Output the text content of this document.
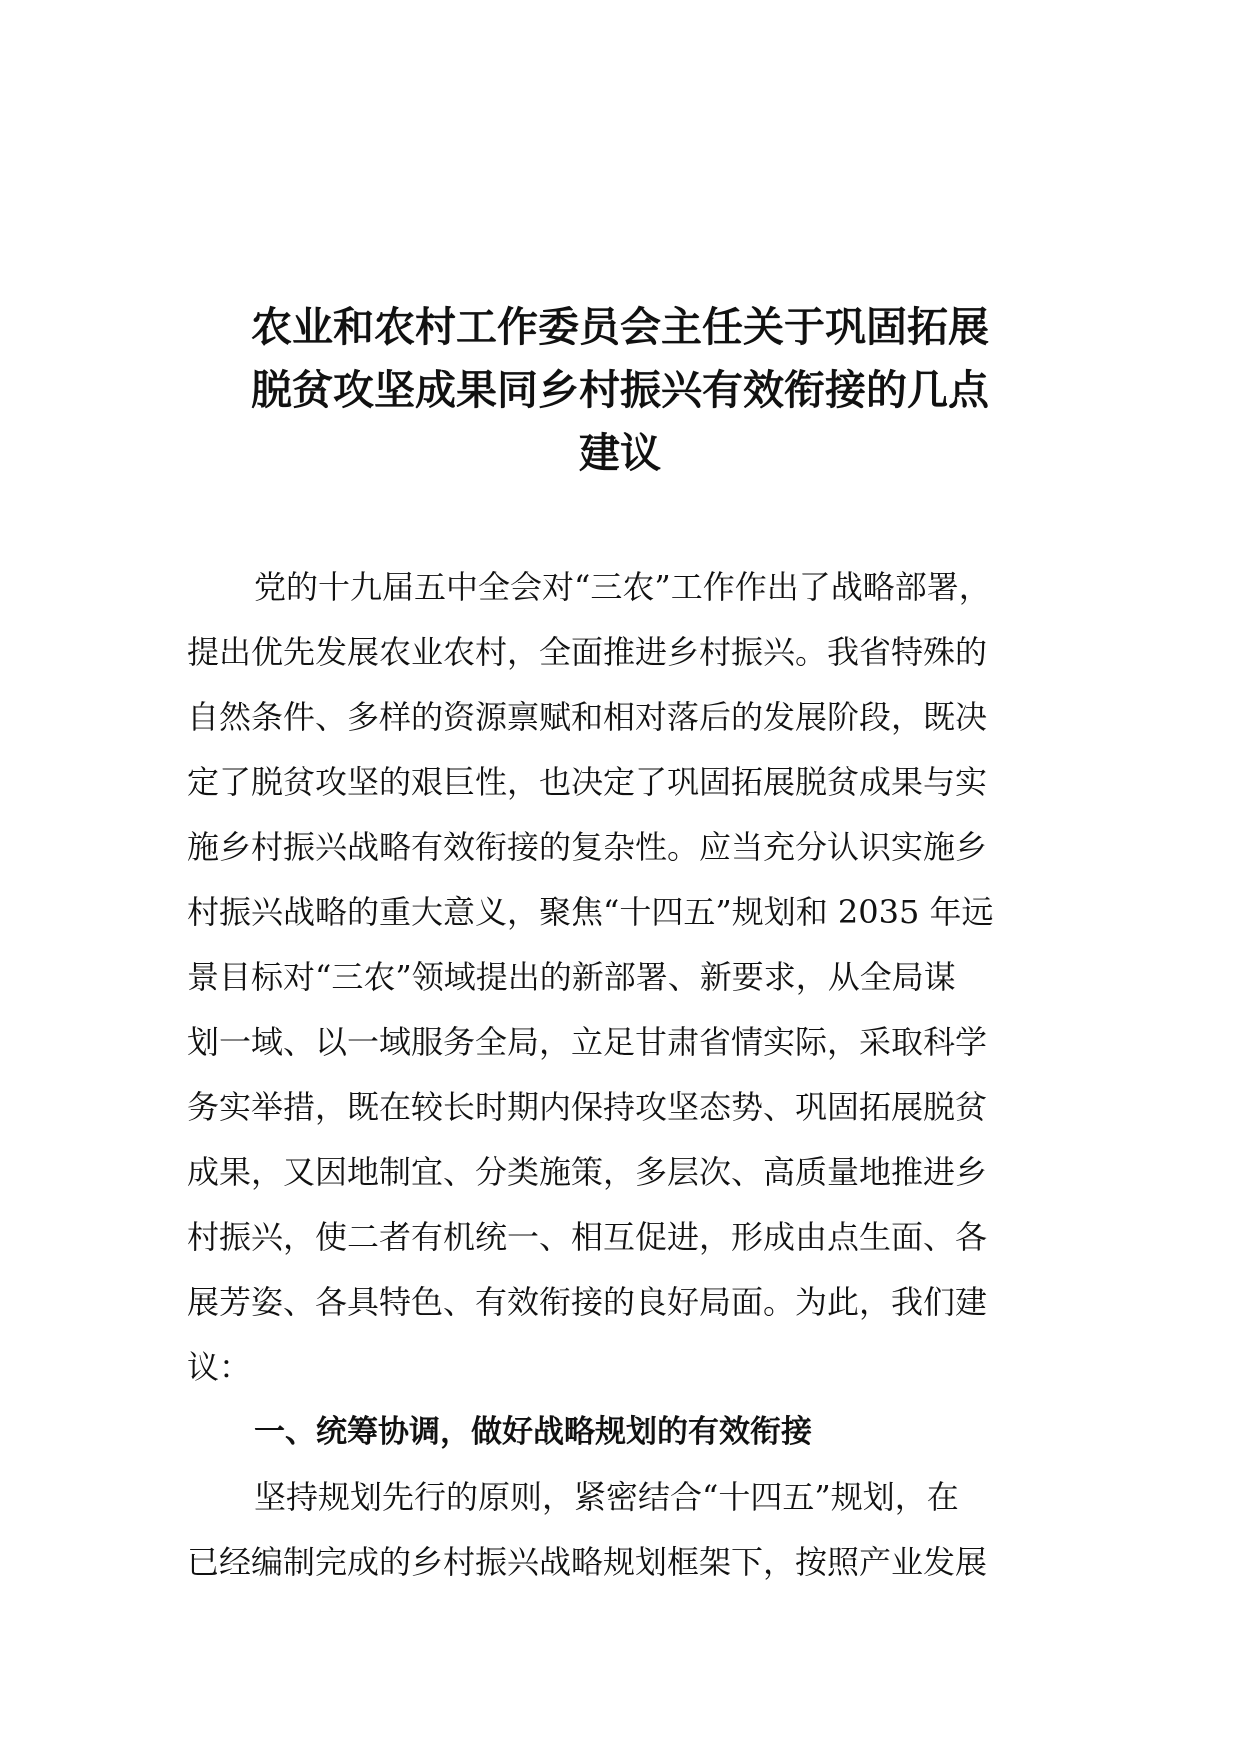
农业和农村工作委员会主任关于巩固拓展
脱贫攻坚成果同乡村振兴有效衔接的几点
建议
党的十九届五中全会对“三农”工作作出了战略部署，
提出优先发展农业农村，全面推进乡村振兴。我省特殊的
自然条件、多样的资源禀赋和相对落后的发展阶段，既决
定了脱贫攻坚的艰巨性，也决定了巩固拓展脱贫成果与实
施乡村振兴战略有效衔接的复杂性。应当充分认识实施乡
村振兴战略的重大意义，聚焦“十四五”规划和 2035 年远
景目标对“三农”领域提出的新部署、新要求，从全局谋
划一域、以一域服务全局，立足甘肃省情实际，采取科学
务实举措，既在较长时期内保持攻坚态势、巩固拓展脱贫
成果，又因地制宜、分类施策，多层次、高质量地推进乡
村振兴，使二者有机统一、相互促进，形成由点生面、各
展芳姿、各具特色、有效衔接的良好局面。为此，我们建
议：
一、统筹协调，做好战略规划的有效衔接
坚持规划先行的原则，紧密结合“十四五”规划，在
已经编制完成的乡村振兴战略规划框架下，按照产业发展
